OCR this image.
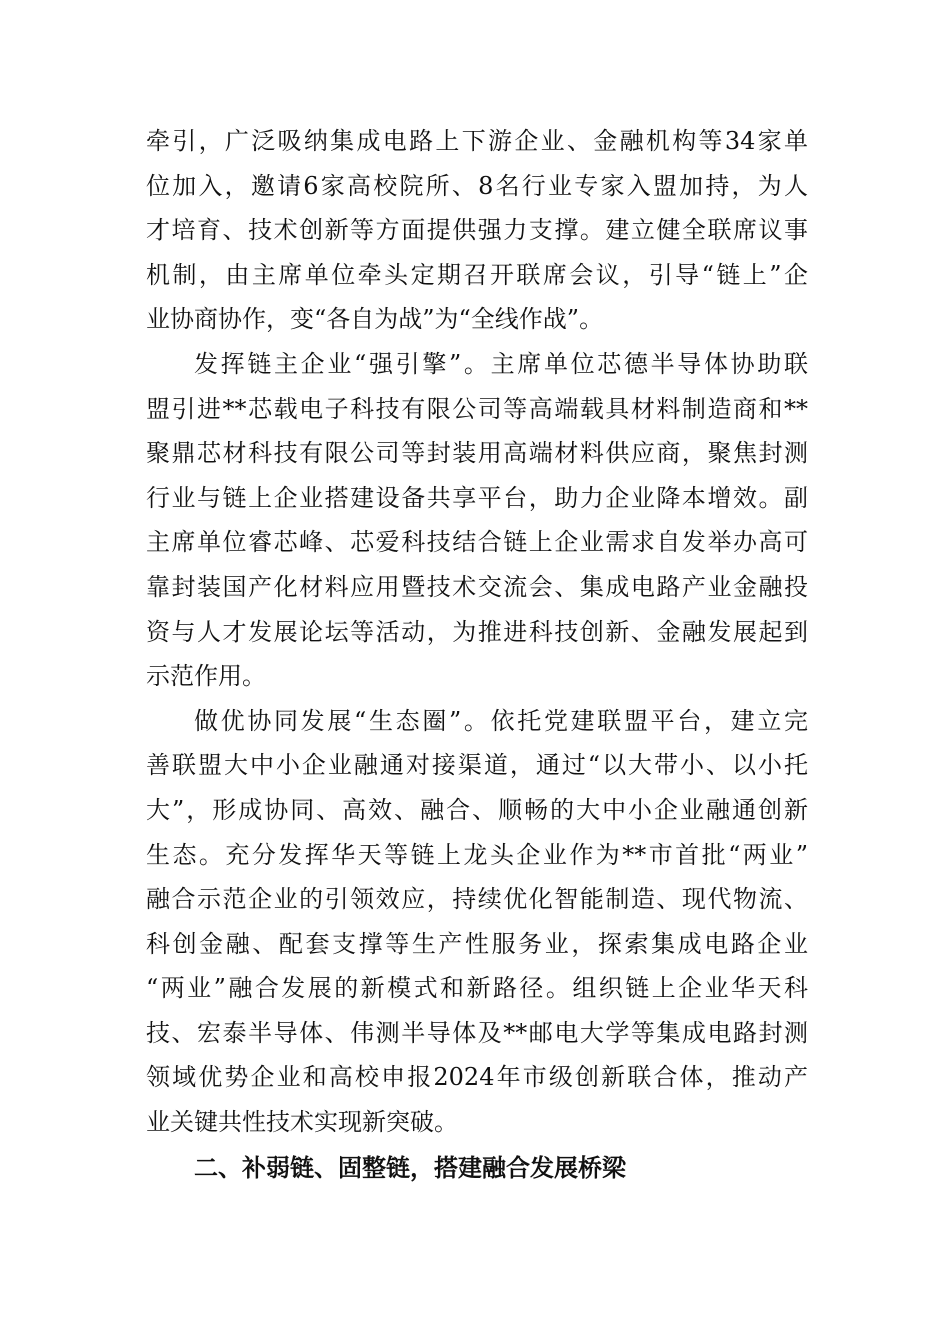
牵引，广泛吸纳集成电路上下游企业、金融机构等34家单
位加入，邀请6家高校院所、8名行业专家入盟加持，为人
才培育、技术创新等方面提供强力支撑。建立健全联席议事
机制，由主席单位牵头定期召开联席会议，引导“链上”企
业协商协作，变“各自为战”为“全线作战”。
发挥链主企业“强引擎”。主席单位芯德半导体协助联
盟引进**芯载电子科技有限公司等高端载具材料制造商和**
聚鼎芯材科技有限公司等封装用高端材料供应商，聚焦封测
行业与链上企业搭建设备共享平台，助力企业降本增效。副
主席单位睿芯峰、芯爱科技结合链上企业需求自发举办高可
靠封装国产化材料应用暨技术交流会、集成电路产业金融投
资与人才发展论坛等活动，为推进科技创新、金融发展起到
示范作用。
做优协同发展“生态圈”。依托党建联盟平台，建立完
善联盟大中小企业融通对接渠道，通过“以大带小、以小托
大”，形成协同、高效、融合、顺畅的大中小企业融通创新
生态。充分发挥华天等链上龙头企业作为**市首批“两业”
融合示范企业的引领效应，持续优化智能制造、现代物流、
科创金融、配套支撑等生产性服务业，探索集成电路企业
“两业”融合发展的新模式和新路径。组织链上企业华天科
技、宏泰半导体、伟测半导体及**邮电大学等集成电路封测
领域优势企业和高校申报2024年市级创新联合体，推动产
业关键共性技术实现新突破。
二、补弱链、固整链，搭建融合发展桥梁
